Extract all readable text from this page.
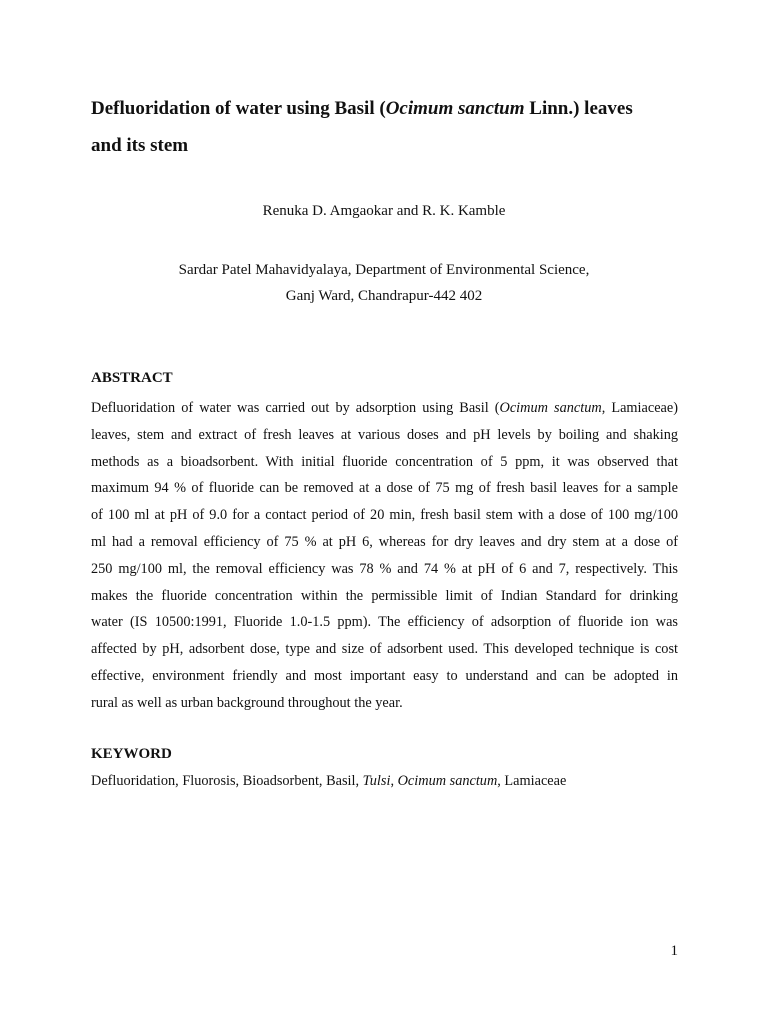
Defluoridation of water using Basil (Ocimum sanctum Linn.) leaves
and its stem
Renuka D. Amgaokar and R. K. Kamble
Sardar Patel Mahavidyalaya, Department of Environmental Science,
Ganj Ward, Chandrapur-442 402
ABSTRACT
Defluoridation of water was carried out by adsorption using Basil (Ocimum sanctum, Lamiaceae)
leaves, stem and extract of fresh leaves at various doses and pH levels by boiling and shaking
methods as a bioadsorbent. With initial fluoride concentration of 5 ppm, it was observed that
maximum 94 % of fluoride can be removed at a dose of 75 mg of fresh basil leaves for a sample
of 100 ml at pH of 9.0 for a contact period of 20 min, fresh basil stem with a dose of 100 mg/100
ml had a removal efficiency of 75 % at pH 6, whereas for dry leaves and dry stem at a dose of
250 mg/100 ml, the removal efficiency was 78 % and 74 % at pH of 6 and 7, respectively. This
makes the fluoride concentration within the permissible limit of Indian Standard for drinking
water (IS 10500:1991, Fluoride 1.0-1.5 ppm). The efficiency of adsorption of fluoride ion was
affected by pH, adsorbent dose, type and size of adsorbent used. This developed technique is cost
effective, environment friendly and most important easy to understand and can be adopted in
rural as well as urban background throughout the year.
KEYWORD

Defluoridation, Fluorosis, Bioadsorbent, Basil, Tulsi, Ocimum sanctum, Lamiaceae

1
